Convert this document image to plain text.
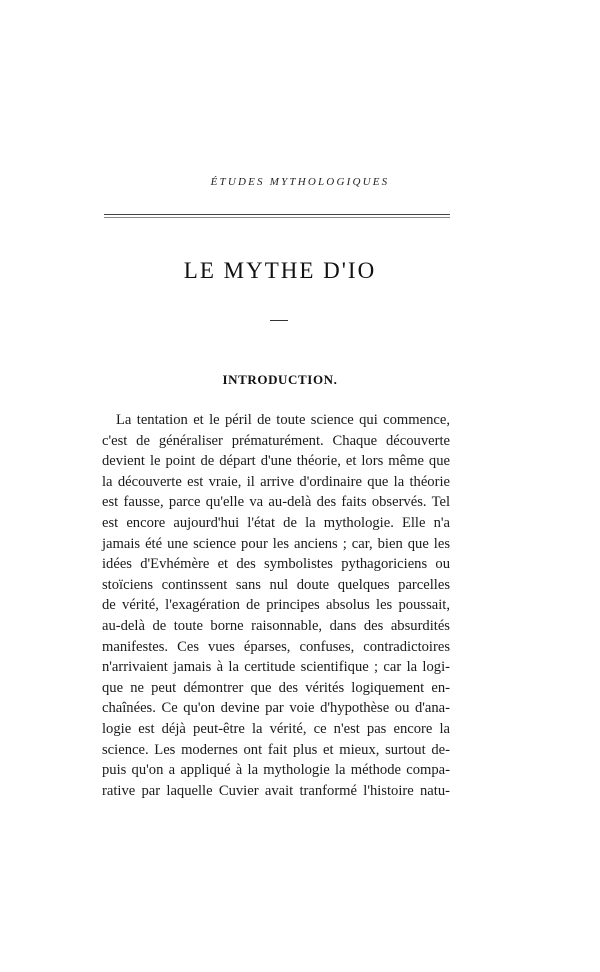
ÉTUDES MYTHOLOGIQUES
LE MYTHE D'IO
INTRODUCTION.
La tentation et le péril de toute science qui commence,
c'est de généraliser prématurément. Chaque découverte
devient le point de départ d'une théorie, et lors même que
la découverte est vraie, il arrive d'ordinaire que la théorie
est fausse, parce qu'elle va au-delà des faits observés. Tel
est encore aujourd'hui l'état de la mythologie. Elle n'a
jamais été une science pour les anciens ; car, bien que les
idées d'Evhémère et des symbolistes pythagoriciens ou
stoïciens continssent sans nul doute quelques parcelles
de vérité, l'exagération de principes absolus les poussait,
au-delà de toute borne raisonnable, dans des absurdités
manifestes. Ces vues éparses, confuses, contradictoires
n'arrivaient jamais à la certitude scientifique ; car la logi-
que ne peut démontrer que des vérités logiquement en-
chaînées. Ce qu'on devine par voie d'hypothèse ou d'ana-
logie est déjà peut-être la vérité, ce n'est pas encore la
science. Les modernes ont fait plus et mieux, surtout de-
puis qu'on a appliqué à la mythologie la méthode compa-
rative par laquelle Cuvier avait tranformé l'histoire natu-
